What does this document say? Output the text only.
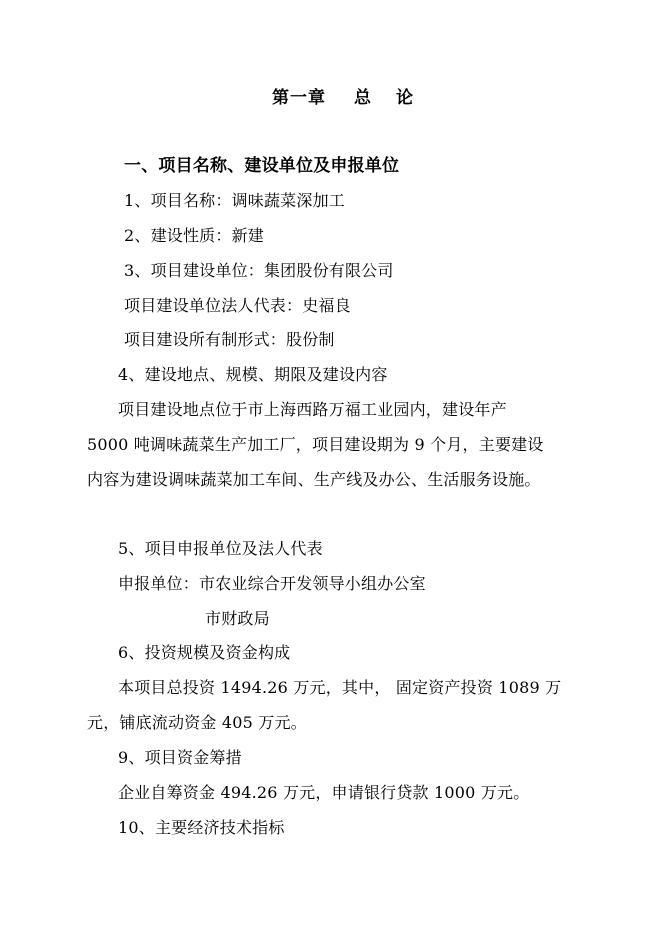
第一章 总 论
一、项目名称、建设单位及申报单位
1、项目名称：调味蔬菜深加工
2、建设性质：新建
3、项目建设单位：集团股份有限公司
项目建设单位法人代表：史福良
项目建设所有制形式：股份制
4、建设地点、规模、期限及建设内容
项目建设地点位于市上海西路万福工业园内，建设年产
5000 吨调味蔬菜生产加工厂，项目建设期为 9 个月，主要建设
内容为建设调味蔬菜加工车间、生产线及办公、生活服务设施。
5、项目申报单位及法人代表
申报单位：市农业综合开发领导小组办公室
市财政局
6、投资规模及资金构成
本项目总投资 1494.26 万元，其中， 固定资产投资 1089 万
元，铺底流动资金 405 万元。
9、项目资金筹措
企业自筹资金 494.26 万元，申请银行贷款 1000 万元。
10、主要经济技术指标
